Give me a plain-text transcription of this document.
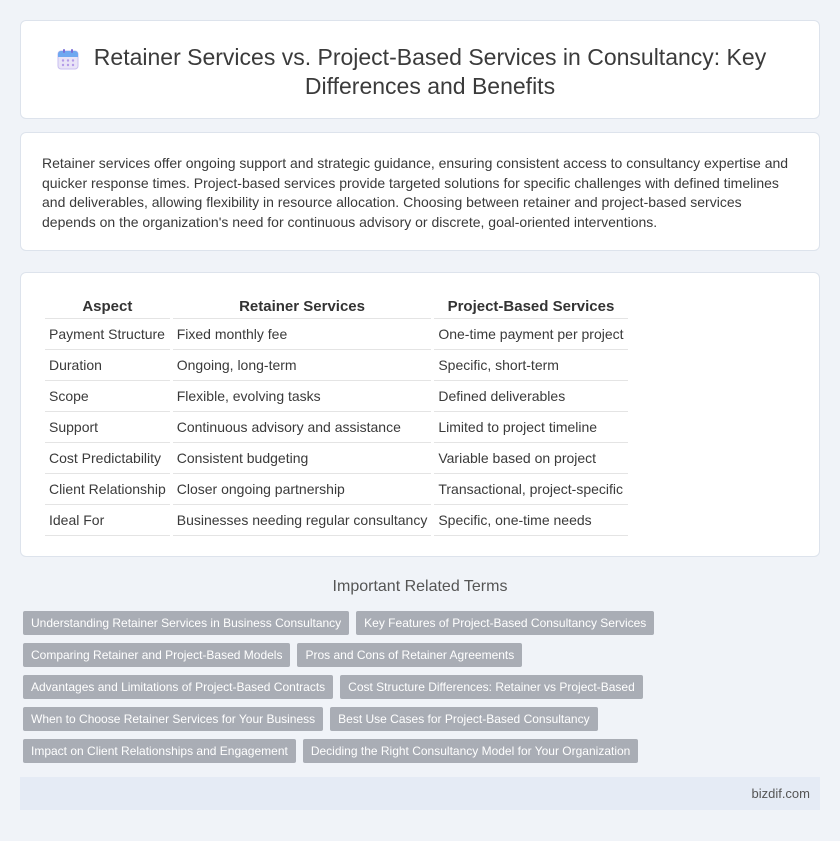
Retainer Services vs. Project-Based Services in Consultancy: Key Differences and Benefits

Retainer services offer ongoing support and strategic guidance, ensuring consistent access to consultancy expertise and quicker response times. Project-based services provide targeted solutions for specific challenges with defined timelines and deliverables, allowing flexibility in resource allocation. Choosing between retainer and project-based services depends on the organization's need for continuous advisory or discrete, goal-oriented interventions.

Aspect	Retainer Services	Project-Based Services
Payment Structure	Fixed monthly fee	One-time payment per project
Duration	Ongoing, long-term	Specific, short-term
Scope	Flexible, evolving tasks	Defined deliverables
Support	Continuous advisory and assistance	Limited to project timeline
Cost Predictability	Consistent budgeting	Variable based on project
Client Relationship	Closer ongoing partnership	Transactional, project-specific
Ideal For	Businesses needing regular consultancy	Specific, one-time needs
Important Related Terms
Understanding Retainer Services in Business Consultancy	Key Features of Project-Based Consultancy Services
Comparing Retainer and Project-Based Models	Pros and Cons of Retainer Agreements
Advantages and Limitations of Project-Based Contracts	Cost Structure Differences: Retainer vs Project-Based
When to Choose Retainer Services for Your Business	Best Use Cases for Project-Based Consultancy
Impact on Client Relationships and Engagement	Deciding the Right Consultancy Model for Your Organization
bizdif.com
